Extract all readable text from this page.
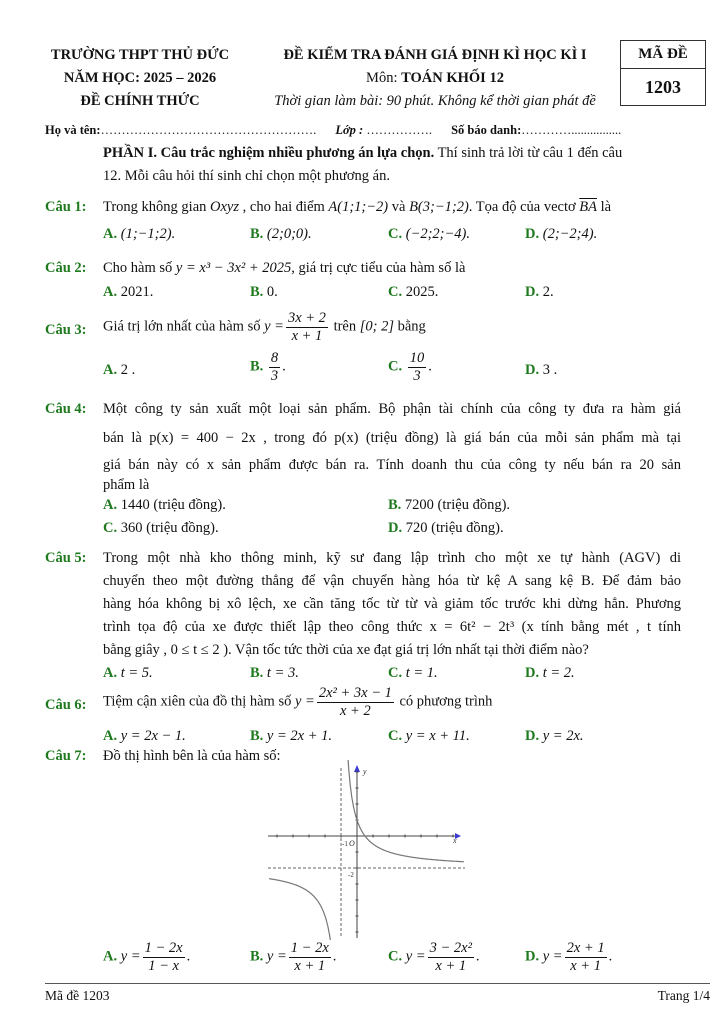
TRƯỜNG THPT THỦ ĐỨC
NĂM HỌC: 2025 – 2026
ĐỀ CHÍNH THỨC
ĐỀ KIỂM TRA ĐÁNH GIÁ ĐỊNH KÌ HỌC KÌ I
Môn: TOÁN KHỐI 12
Thời gian làm bài: 90 phút. Không kể thời gian phát đề
MÃ ĐỀ
1203
Họ và tên:……………………………………………. Lớp : ……………. Số báo danh:…………................
PHẦN I. Câu trắc nghiệm nhiều phương án lựa chọn. Thí sinh trả lời từ câu 1 đến câu
12. Mỗi câu hỏi thí sinh chỉ chọn một phương án.
Câu 1: Trong không gian Oxyz , cho hai điểm A(1;1;−2) và B(3;−1;2). Tọa độ của vectơ $\overline{BA}$ là
A. (1;−1;2).	B. (2;0;0).	C. (−2;2;−4).	D. (2;−2;4).
Câu 2: Cho hàm số y = x³ − 3x² + 2025, giá trị cực tiểu của hàm số là
A. 2021.	B. 0.	C. 2025.	D. 2.
Câu 3: Giá trị lớn nhất của hàm số $y = \frac{3x + 2}{x + 1}$ trên [0; 2] bằng
A. 2 .	B. $\frac{8}{3}$ .	C. $\frac{10}{3}$ .	D. 3 .
Câu 4: Một công ty sản xuất một loại sản phẩm. Bộ phận tài chính của công ty đưa ra hàm giá
bán là p(x) = 400 − 2x , trong đó p(x) (triệu đồng) là giá bán của mỗi sản phẩm mà tại
giá bán này có x sản phẩm được bán ra. Tính doanh thu của công ty nếu bán ra 20 sản
phẩm là
A. 1440 (triệu đồng).	B. 7200 (triệu đồng).
C. 360 (triệu đồng).	D. 720 (triệu đồng).
Câu 5: Trong một nhà kho thông minh, kỹ sư đang lập trình cho một xe tự hành (AGV) di
chuyển theo một đường thẳng để vận chuyển hàng hóa từ kệ A sang kệ B. Để đảm bảo
hàng hóa không bị xô lệch, xe cần tăng tốc từ từ và giảm tốc trước khi dừng hẳn. Phương
trình tọa độ của xe được thiết lập theo công thức x = 6t² − 2t³ (x tính bằng mét , t tính
bằng giây , 0 ≤ t ≤ 2 ). Vận tốc tức thời của xe đạt giá trị lớn nhất tại thời điểm nào?
A. t = 5.	B. t = 3.	C. t = 1.	D. t = 2.
Câu 6: Tiệm cận xiên của đồ thị hàm số $y = \frac{\text{2x² + 3x − 1}}{x + 2}$ có phương trình
A. y = 2x − 1.	B. y = 2x + 1.	C. y = x + 11.	D. y = 2x.
Câu 7: Đồ thị hình bên là của hàm số:
y
x
O
-1
-2
A. $y = \frac{1 - 2x}{1 - x}$ .	B. $y = \frac{1 - 2x}{x + 1}$ .	C. $y = \frac{\text{3 − 2x²}}{x + 1}$ .	D. $y = \frac{2x + 1}{x + 1}$ .
Mã đề 1203	Trang 1/4
